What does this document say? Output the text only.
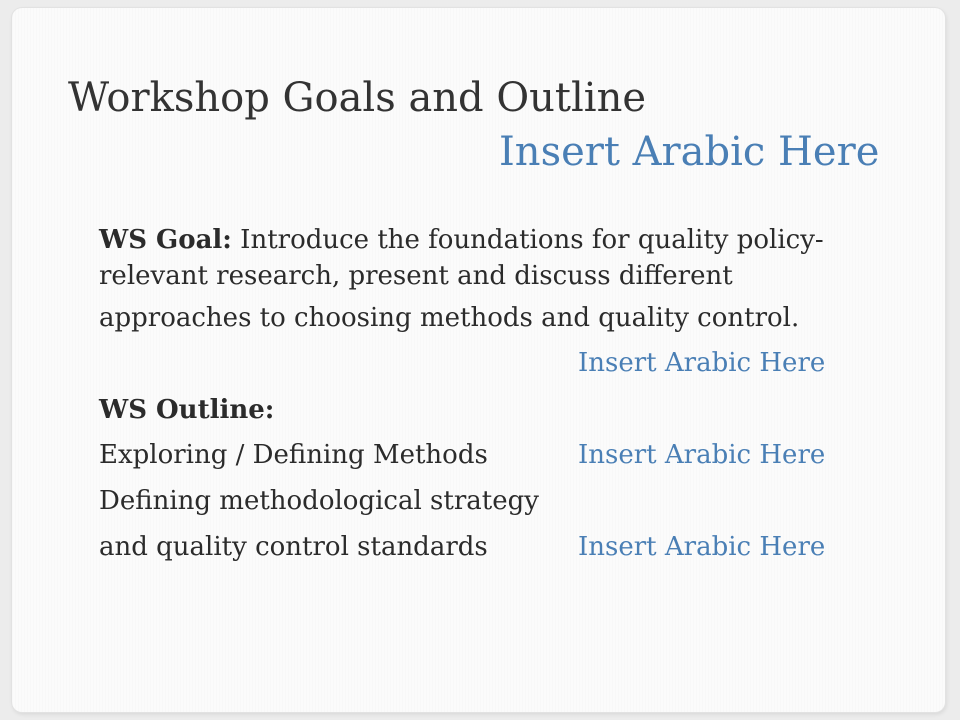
Workshop Goals and Outline
Insert Arabic Here
WS Goal: Introduce the foundations for quality policy-
relevant research, present and discuss different
approaches to choosing methods and quality control.
Insert Arabic Here
WS Outline:
Exploring / Defining Methods	Insert Arabic Here
Defining methodological strategy
and quality control standards	Insert Arabic Here
